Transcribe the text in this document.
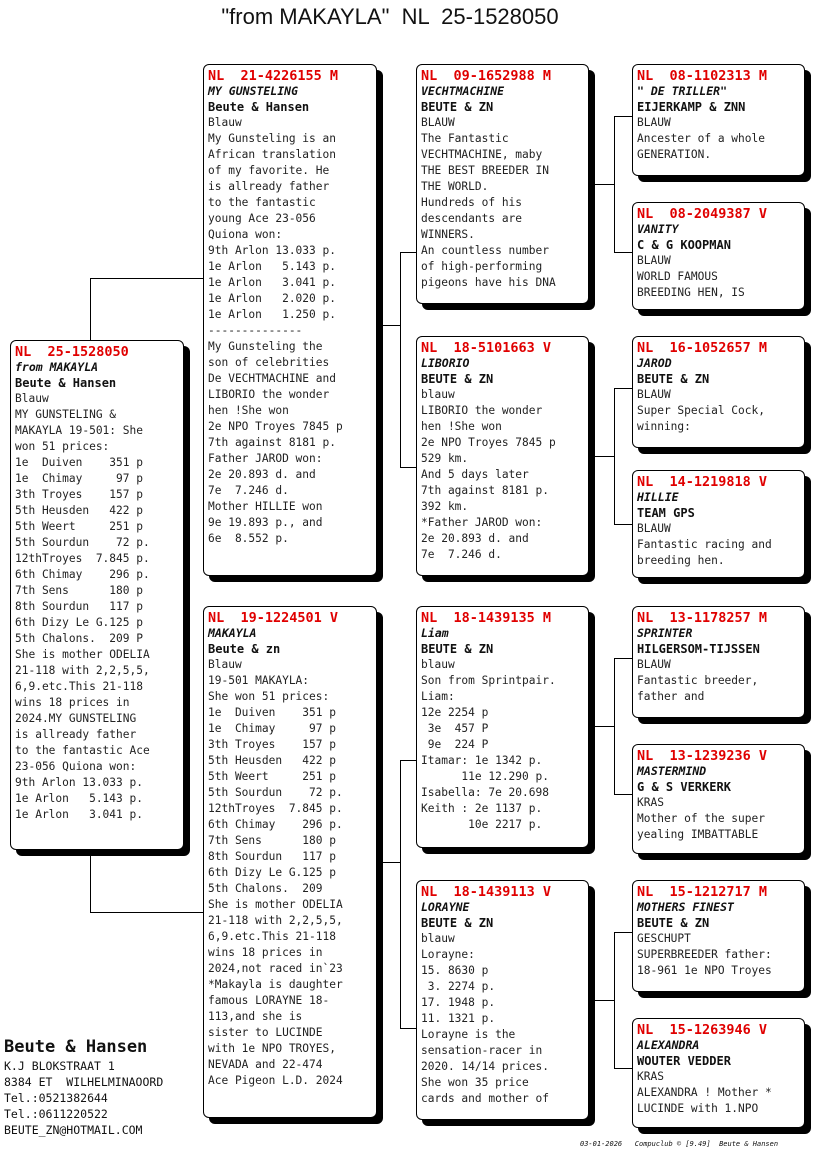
"from MAKAYLA"  NL  25-1528050
NL  25-1528050
from MAKAYLA
Beute & Hansen
Blauw
MY GUNSTELING &
MAKAYLA 19-501: She
won 51 prices:
1e  Duiven    351 p
1e  Chimay     97 p
3th Troyes    157 p
5th Heusden   422 p
5th Weert     251 p
5th Sourdun    72 p.
12thTroyes  7.845 p.
6th Chimay    296 p.
7th Sens      180 p
8th Sourdun   117 p
6th Dizy Le G.125 p
5th Chalons.  209 P
She is mother ODELIA
21-118 with 2,2,5,5,
6,9.etc.This 21-118
wins 18 prices in
2024.MY GUNSTELING
is allready father
to the fantastic Ace
23-056 Quiona won:
9th Arlon 13.033 p.
1e Arlon   5.143 p.
1e Arlon   3.041 p.
NL  21-4226155 M
MY GUNSTELING
Beute & Hansen
Blauw
My Gunsteling is an
African translation
of my favorite. He
is allready father
to the fantastic
young Ace 23-056
Quiona won:
9th Arlon 13.033 p.
1e Arlon   5.143 p.
1e Arlon   3.041 p.
1e Arlon   2.020 p.
1e Arlon   1.250 p.
--------------
My Gunsteling the
son of celebrities
De VECHTMACHINE and
LIBORIO the wonder
hen !She won
2e NPO Troyes 7845 p
7th against 8181 p.
Father JAROD won:
2e 20.893 d. and
7e  7.246 d.
Mother HILLIE won
9e 19.893 p., and
6e  8.552 p.
NL  19-1224501 V
MAKAYLA
Beute & zn
Blauw
19-501 MAKAYLA:
She won 51 prices:
1e  Duiven    351 p
1e  Chimay     97 p
3th Troyes    157 p
5th Heusden   422 p
5th Weert     251 p
5th Sourdun    72 p.
12thTroyes  7.845 p.
6th Chimay    296 p.
7th Sens      180 p
8th Sourdun   117 p
6th Dizy Le G.125 p
5th Chalons.  209
She is mother ODELIA
21-118 with 2,2,5,5,
6,9.etc.This 21-118
wins 18 prices in
2024,not raced in`23
*Makayla is daughter
famous LORAYNE 18-
113,and she is
sister to LUCINDE
with 1e NPO TROYES,
NEVADA and 22-474
Ace Pigeon L.D. 2024
NL  09-1652988 M
VECHTMACHINE
BEUTE & ZN
BLAUW
The Fantastic
VECHTMACHINE, maby
THE BEST BREEDER IN
THE WORLD.
Hundreds of his
descendants are
WINNERS.
An countless number
of high-performing
pigeons have his DNA
NL  18-5101663 V
LIBORIO
BEUTE & ZN
blauw
LIBORIO the wonder
hen !She won
2e NPO Troyes 7845 p
529 km.
And 5 days later
7th against 8181 p.
392 km.
*Father JAROD won:
2e 20.893 d. and
7e  7.246 d.
NL  18-1439135 M
Liam
BEUTE & ZN
blauw
Son from Sprintpair.
Liam:
12e 2254 p
3e  457 P
9e  224 P
Itamar: 1e 1342 p.
11e 12.290 p.
Isabella: 7e 20.698
Keith : 2e 1137 p.
10e 2217 p.
NL  18-1439113 V
LORAYNE
BEUTE & ZN
blauw
Lorayne:
15. 8630 p
3. 2274 p.
17. 1948 p.
11. 1321 p.
Lorayne is the
sensation-racer in
2020. 14/14 prices.
She won 35 price
cards and mother of
NL  08-1102313 M
" DE TRILLER"
EIJERKAMP & ZNN
BLAUW
Ancester of a whole
GENERATION.
NL  08-2049387 V
VANITY
C & G KOOPMAN
BLAUW
WORLD FAMOUS
BREEDING HEN, IS
NL  16-1052657 M
JAROD
BEUTE & ZN
BLAUW
Super Special Cock,
winning:
NL  14-1219818 V
HILLIE
TEAM GPS
BLAUW
Fantastic racing and
breeding hen.
NL  13-1178257 M
SPRINTER
HILGERSOM-TIJSSEN
BLAUW
Fantastic breeder,
father and
NL  13-1239236 V
MASTERMIND
G & S VERKERK
KRAS
Mother of the super
yealing IMBATTABLE
NL  15-1212717 M
MOTHERS FINEST
BEUTE & ZN
GESCHUPT
SUPERBREEDER father:
18-961 1e NPO Troyes
NL  15-1263946 V
ALEXANDRA
WOUTER VEDDER
KRAS
ALEXANDRA ! Mother *
LUCINDE with 1.NPO
Beute & Hansen
K.J BLOKSTRAAT 1
8384 ET  WILHELMINAOORD
Tel.:0521382644
Tel.:0611220522
BEUTE_ZN@HOTMAIL.COM
03-01-2026   Compuclub © [9.49]  Beute & Hansen
